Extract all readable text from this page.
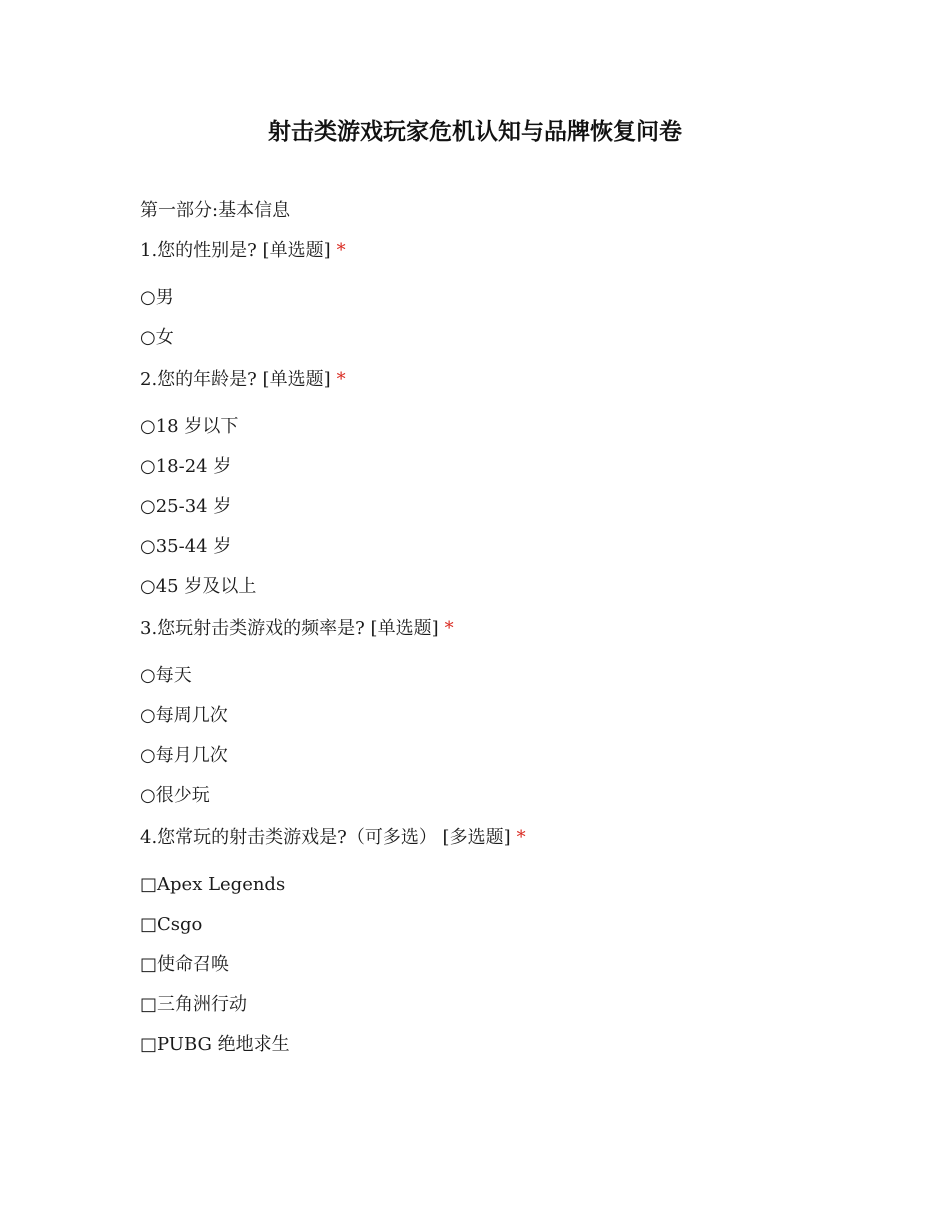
射击类游戏玩家危机认知与品牌恢复问卷
第一部分:基本信息
1.您的性别是? [单选题] *
○男
○女
2.您的年龄是? [单选题] *
○18 岁以下
○18-24 岁
○25-34 岁
○35-44 岁
○45 岁及以上
3.您玩射击类游戏的频率是? [单选题] *
○每天
○每周几次
○每月几次
○很少玩
4.您常玩的射击类游戏是?（可多选） [多选题] *
□Apex Legends
□Csgo
□使命召唤
□三角洲行动
□PUBG 绝地求生
